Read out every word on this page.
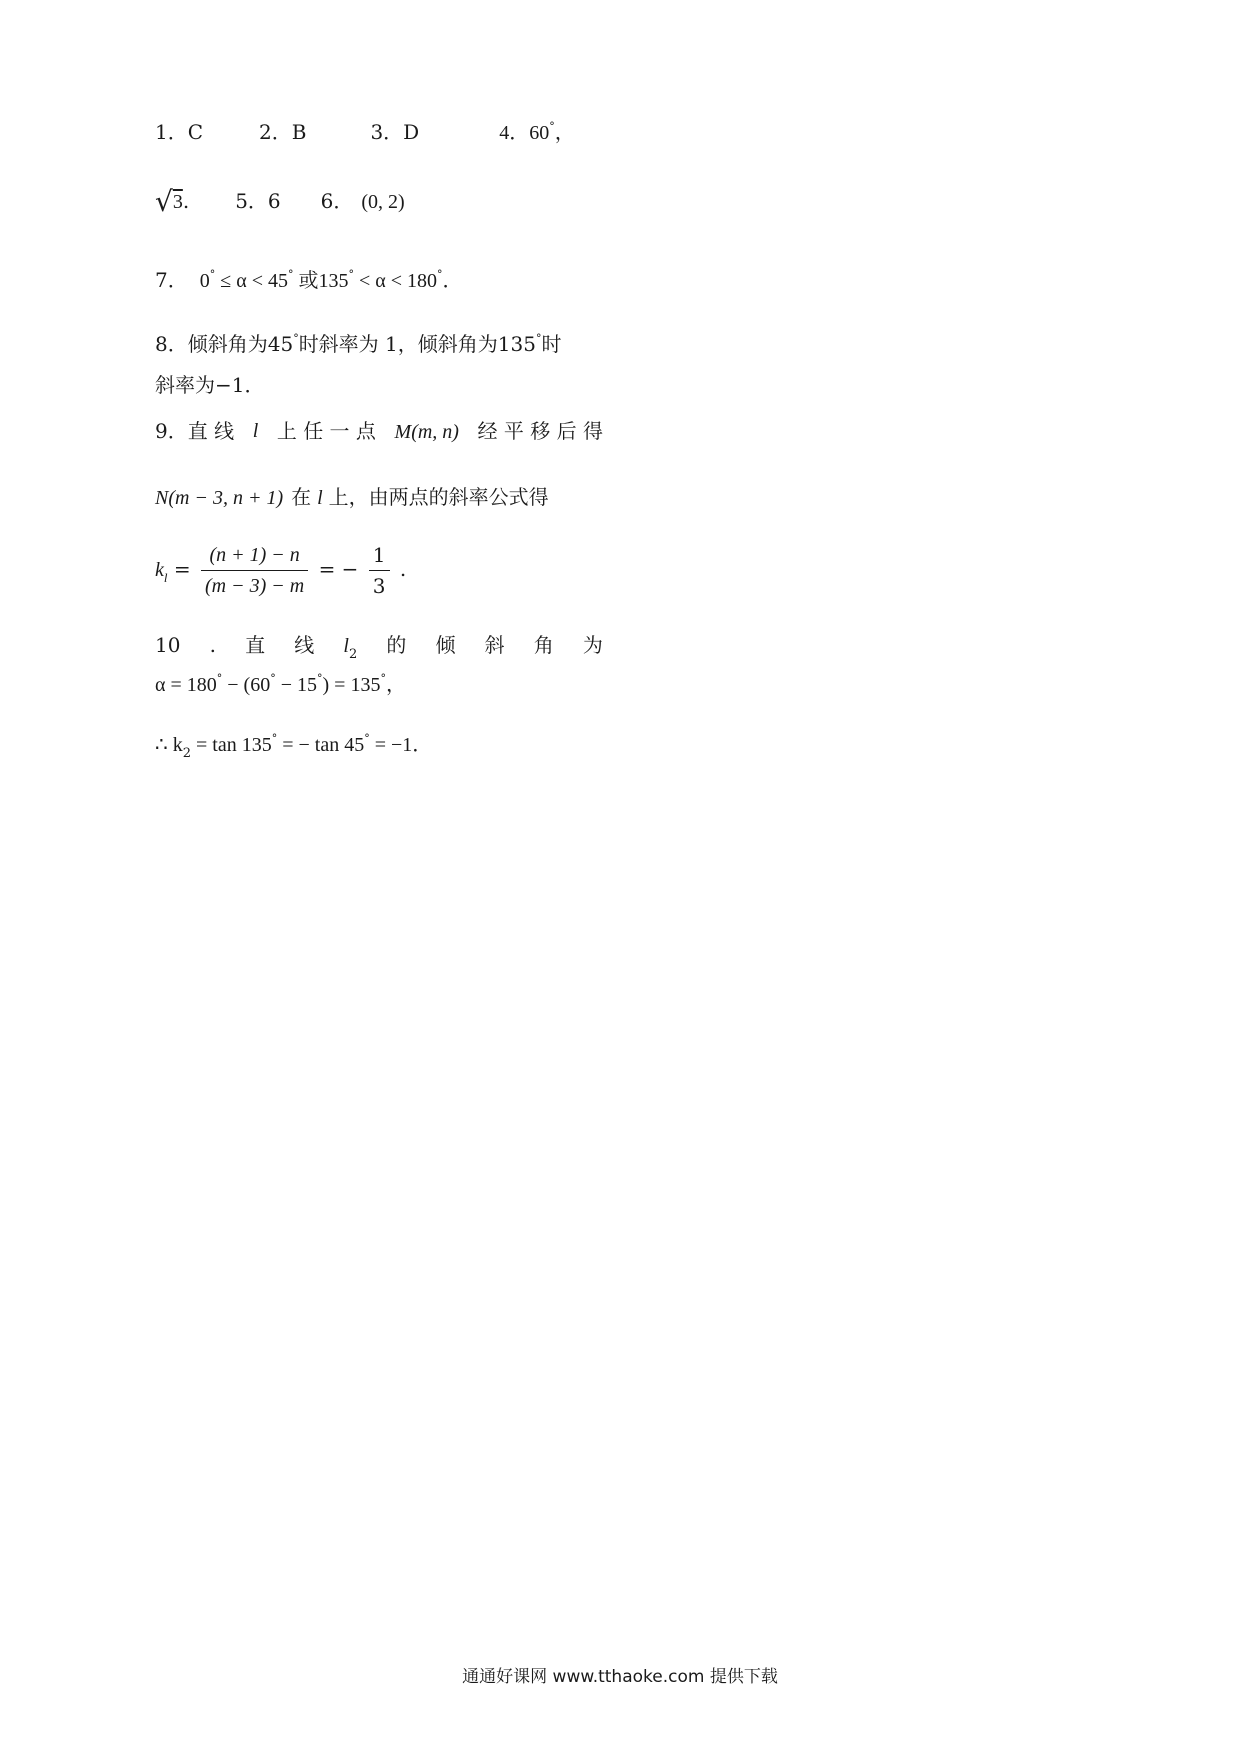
1．C	2．B	3．D	4．60°，
√3. 5．6 6． (0, 2)
7． 0° ≤ α < 45° 或135° < α < 180°．
8．倾斜角为45°时斜率为 1，倾斜角为135°时
斜率为−1．
9．直 线 l 上 任 一 点 M(m, n) 经 平 移 后 得
N(m − 3, n + 1) 在 l 上，由两点的斜率公式得
$k_l = \frac{(n + 1) - n}{(m - 3) - m}$ = − $\frac{1}{3}$ .
10 . 直 线 $l_2$ 的 倾 斜 角 为
α = 180° − (60° − 15°) = 135°，
∴ $k_2 = \tan 135^\circ$ = − tan 45° = −1．
通通好课网 www.tthaoke.com 提供下载
